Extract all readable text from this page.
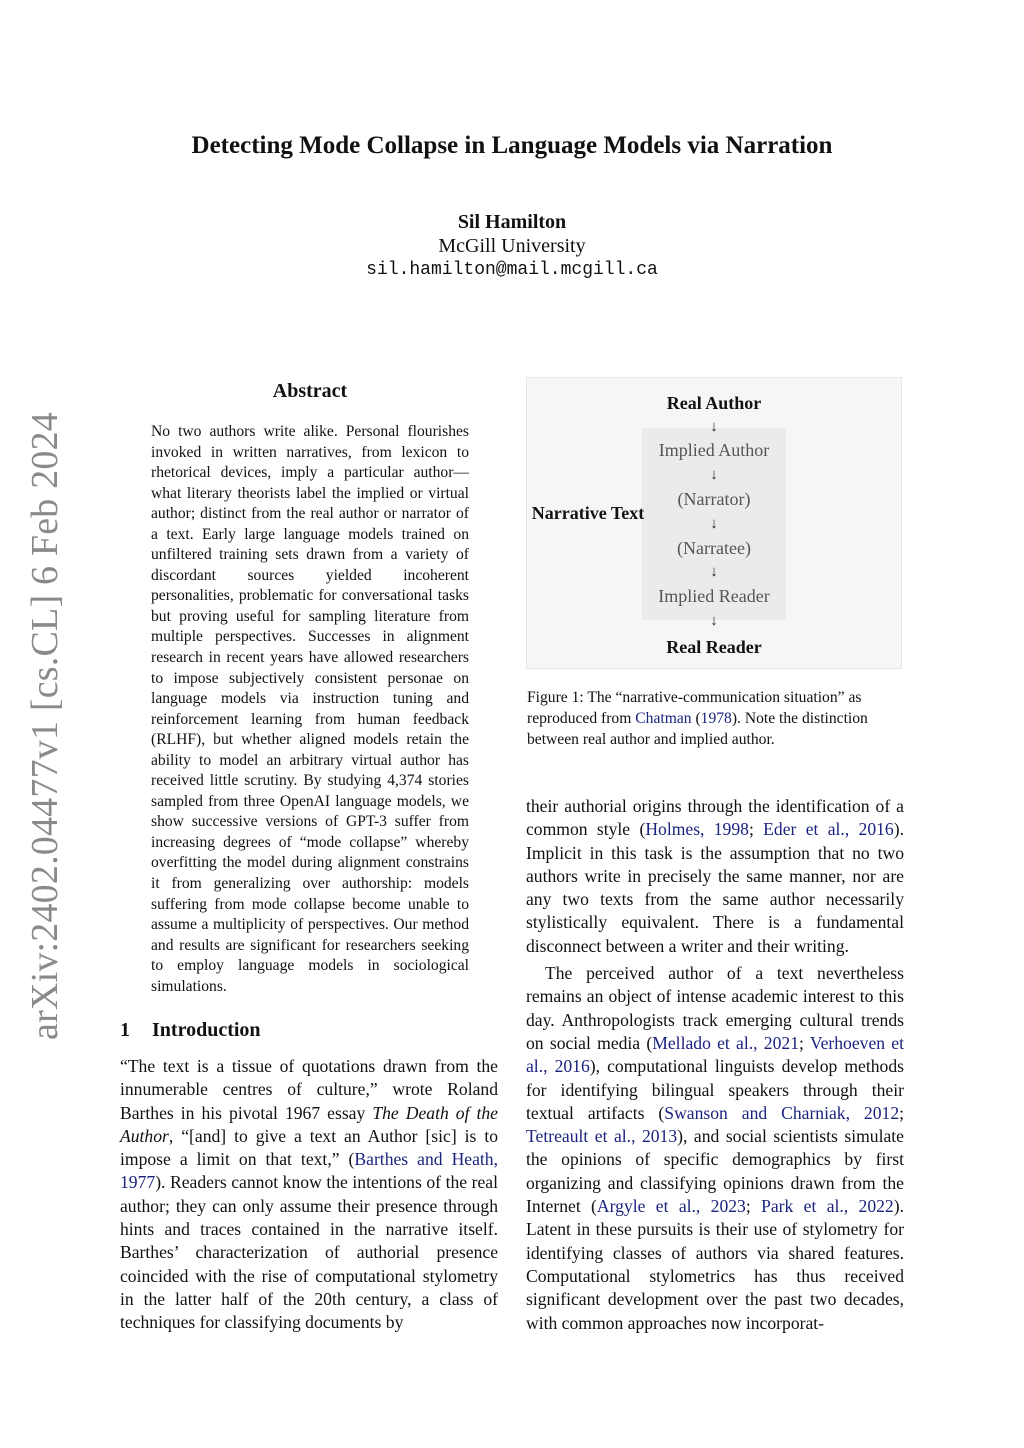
arXiv:2402.04477v1 [cs.CL] 6 Feb 2024
Detecting Mode Collapse in Language Models via Narration
Sil Hamilton
McGill University
sil.hamilton@mail.mcgill.ca
Abstract
No two authors write alike. Personal flourishes invoked in written narratives, from lexicon to rhetorical devices, imply a particular author—what literary theorists label the implied or virtual author; distinct from the real author or narrator of a text. Early large language models trained on unfiltered training sets drawn from a variety of discordant sources yielded incoherent personalities, problematic for conversational tasks but proving useful for sampling literature from multiple perspectives. Successes in alignment research in recent years have allowed researchers to impose subjectively consistent personae on language models via instruction tuning and reinforcement learning from human feedback (RLHF), but whether aligned models retain the ability to model an arbitrary virtual author has received little scrutiny. By studying 4,374 stories sampled from three OpenAI language models, we show successive versions of GPT-3 suffer from increasing degrees of “mode collapse” whereby overfitting the model during alignment constrains it from generalizing over authorship: models suffering from mode collapse become unable to assume a multiplicity of perspectives. Our method and results are significant for researchers seeking to employ language models in sociological simulations.
1 Introduction
“The text is a tissue of quotations drawn from the innumerable centres of culture,” wrote Roland Barthes in his pivotal 1967 essay The Death of the Author, “[and] to give a text an Author [sic] is to impose a limit on that text,” (Barthes and Heath, 1977). Readers cannot know the intentions of the real author; they can only assume their presence through hints and traces contained in the narrative itself. Barthes’ characterization of authorial presence coincided with the rise of computational stylometry in the latter half of the 20th century, a class of techniques for classifying documents by
Real Author
↓
Implied Author
↓
(Narrator)
↓
(Narratee)
↓
Implied Reader
↓
Real Reader
Narrative Text
Figure 1: The “narrative-communication situation” as reproduced from Chatman (1978). Note the distinction between real author and implied author.

their authorial origins through the identification of a common style (Holmes, 1998; Eder et al., 2016). Implicit in this task is the assumption that no two authors write in precisely the same manner, nor are any two texts from the same author necessarily stylistically equivalent. There is a fundamental disconnect between a writer and their writing.

The perceived author of a text nevertheless remains an object of intense academic interest to this day. Anthropologists track emerging cultural trends on social media (Mellado et al., 2021; Verhoeven et al., 2016), computational linguists develop methods for identifying bilingual speakers through their textual artifacts (Swanson and Charniak, 2012; Tetreault et al., 2013), and social scientists simulate the opinions of specific demographics by first organizing and classifying opinions drawn from the Internet (Argyle et al., 2023; Park et al., 2022). Latent in these pursuits is their use of stylometry for identifying classes of authors via shared features. Computational stylometrics has thus received significant development over the past two decades, with common approaches now incorporat-
